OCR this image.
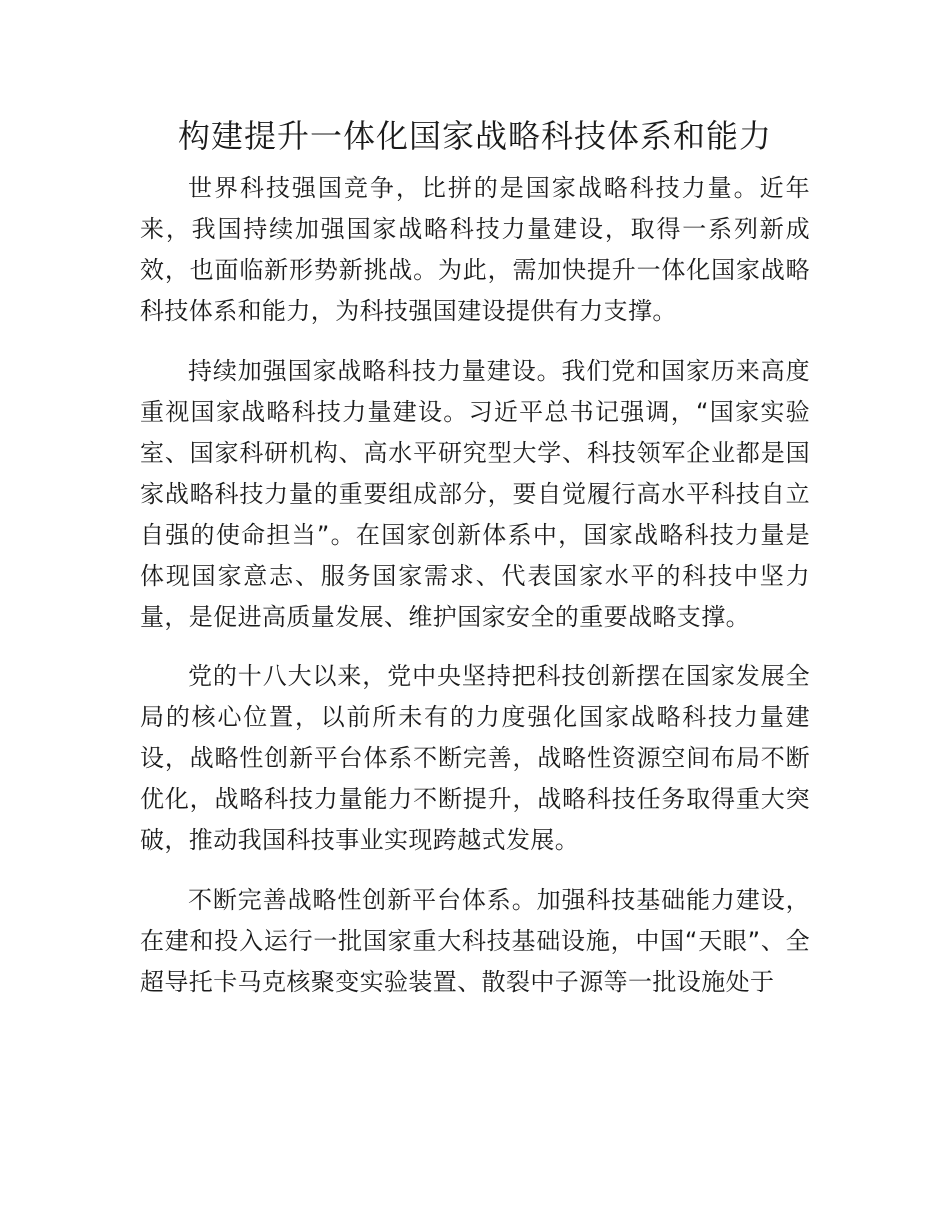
构建提升一体化国家战略科技体系和能力

世界科技强国竞争，比拼的是国家战略科技力量。近年来，我国持续加强国家战略科技力量建设，取得一系列新成效，也面临新形势新挑战。为此，需加快提升一体化国家战略科技体系和能力，为科技强国建设提供有力支撑。

持续加强国家战略科技力量建设。我们党和国家历来高度重视国家战略科技力量建设。习近平总书记强调，“国家实验室、国家科研机构、高水平研究型大学、科技领军企业都是国家战略科技力量的重要组成部分，要自觉履行高水平科技自立自强的使命担当”。在国家创新体系中，国家战略科技力量是体现国家意志、服务国家需求、代表国家水平的科技中坚力量，是促进高质量发展、维护国家安全的重要战略支撑。

党的十八大以来，党中央坚持把科技创新摆在国家发展全局的核心位置，以前所未有的力度强化国家战略科技力量建设，战略性创新平台体系不断完善，战略性资源空间布局不断优化，战略科技力量能力不断提升，战略科技任务取得重大突破，推动我国科技事业实现跨越式发展。

不断完善战略性创新平台体系。加强科技基础能力建设，在建和投入运行一批国家重大科技基础设施，中国“天眼”、全超导托卡马克核聚变实验装置、散裂中子源等一批设施处于
